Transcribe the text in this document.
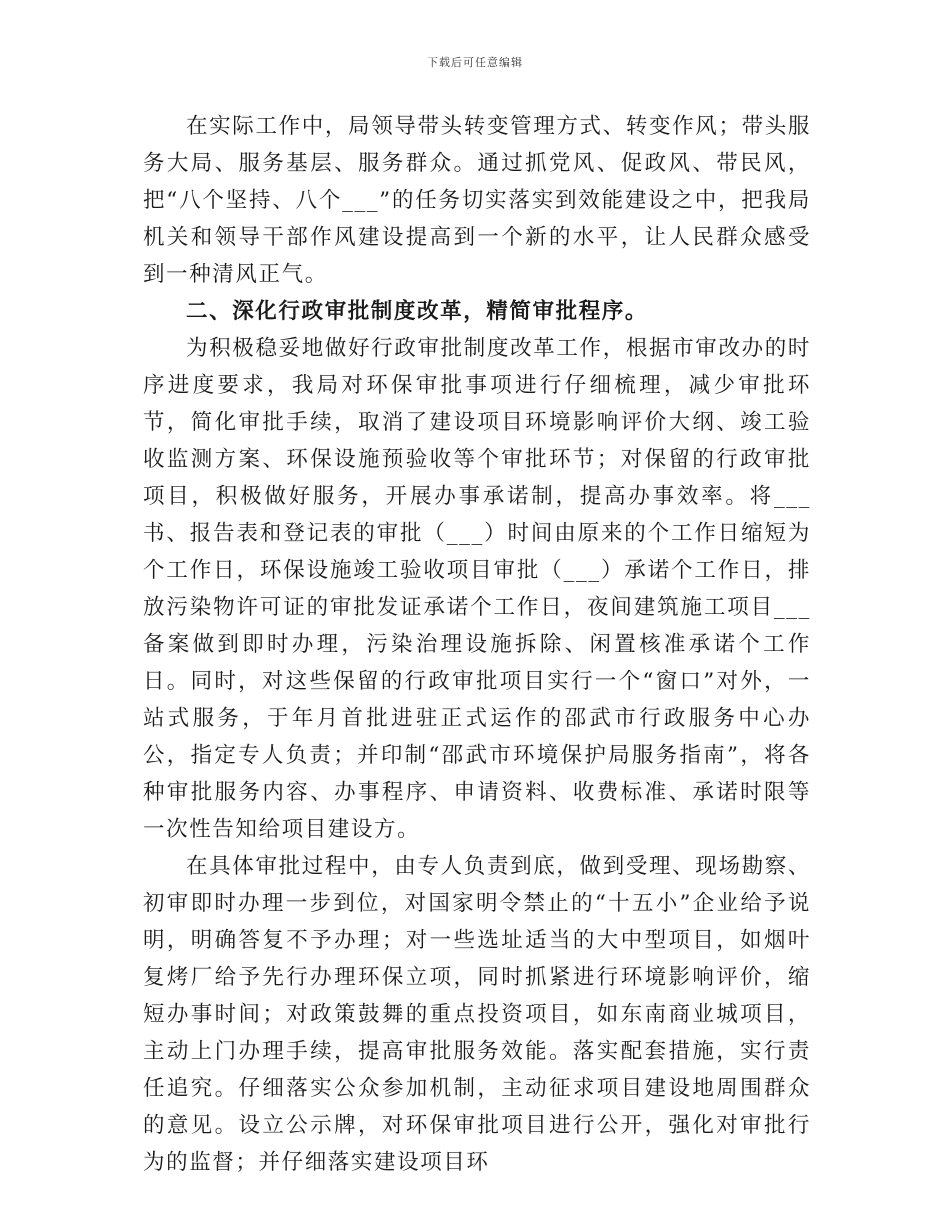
下载后可任意编辑

在实际工作中，局领导带头转变管理方式、转变作风；带头服务大局、服务基层、服务群众。通过抓党风、促政风、带民风，把“八个坚持、八个___”的任务切实落实到效能建设之中，把我局机关和领导干部作风建设提高到一个新的水平，让人民群众感受到一种清风正气。

二、深化行政审批制度改革，精简审批程序。

为积极稳妥地做好行政审批制度改革工作，根据市审改办的时序进度要求，我局对环保审批事项进行仔细梳理，减少审批环节，简化审批手续，取消了建设项目环境影响评价大纲、竣工验收监测方案、环保设施预验收等个审批环节；对保留的行政审批项目，积极做好服务，开展办事承诺制，提高办事效率。将___书、报告表和登记表的审批（___）时间由原来的个工作日缩短为个工作日，环保设施竣工验收项目审批（___）承诺个工作日，排放污染物许可证的审批发证承诺个工作日，夜间建筑施工项目___备案做到即时办理，污染治理设施拆除、闲置核准承诺个工作日。同时，对这些保留的行政审批项目实行一个“窗口”对外，一站式服务，于年月首批进驻正式运作的邵武市行政服务中心办公，指定专人负责；并印制“邵武市环境保护局服务指南”，将各种审批服务内容、办事程序、申请资料、收费标准、承诺时限等一次性告知给项目建设方。

在具体审批过程中，由专人负责到底，做到受理、现场勘察、初审即时办理一步到位，对国家明令禁止的“十五小”企业给予说明，明确答复不予办理；对一些选址适当的大中型项目，如烟叶复烤厂给予先行办理环保立项，同时抓紧进行环境影响评价，缩短办事时间；对政策鼓舞的重点投资项目，如东南商业城项目，主动上门办理手续，提高审批服务效能。落实配套措施，实行责任追究。仔细落实公众参加机制，主动征求项目建设地周围群众的意见。设立公示牌，对环保审批项目进行公开，强化对审批行为的监督；并仔细落实建设项目环
